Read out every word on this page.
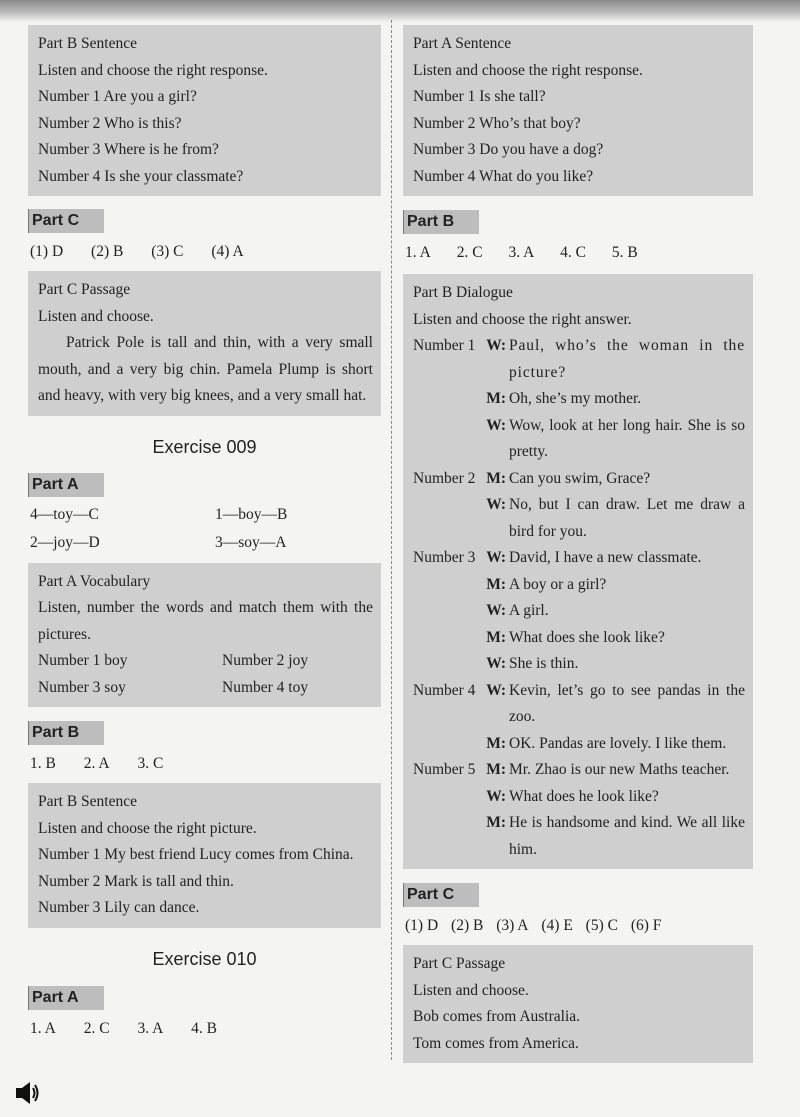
Part B Sentence
Listen and choose the right response.
Number 1 Are you a girl?
Number 2 Who is this?
Number 3 Where is he from?
Number 4 Is she your classmate?
Part C
(1) D (2) B (3) C (4) A
Part C Passage
Listen and choose.
Patrick Pole is tall and thin, with a very small mouth, and a very big chin. Pamela Plump is short and heavy, with very big knees, and a very small hat.
Exercise 009
Part A
4—toy—C	1—boy—B
2—joy—D	3—soy—A
Part A Vocabulary
Listen, number the words and match them with the pictures.
Number 1 boy	Number 2 joy
Number 3 soy	Number 4 toy
Part B
1. B 2. A 3. C
Part B Sentence
Listen and choose the right picture.
Number 1 My best friend Lucy comes from China.
Number 2 Mark is tall and thin.
Number 3 Lily can dance.
Exercise 010
Part A
1. A 2. C 3. A 4. B
Part A Sentence
Listen and choose the right response.
Number 1 Is she tall?
Number 2 Who’s that boy?
Number 3 Do you have a dog?
Number 4 What do you like?
Part B
1. A 2. C 3. A 4. C 5. B
Part B Dialogue
Listen and choose the right answer.
Number 1 W: Paul, who’s the woman in the picture?
M: Oh, she’s my mother.
W: Wow, look at her long hair. She is so pretty.
Number 2 M: Can you swim, Grace?
W: No, but I can draw. Let me draw a bird for you.
Number 3 W: David, I have a new classmate.
M: A boy or a girl?
W: A girl.
M: What does she look like?
W: She is thin.
Number 4 W: Kevin, let’s go to see pandas in the zoo.
M: OK. Pandas are lovely. I like them.
Number 5 M: Mr. Zhao is our new Maths teacher.
W: What does he look like?
M: He is handsome and kind. We all like him.
Part C
(1) D (2) B (3) A (4) E (5) C (6) F
Part C Passage
Listen and choose.
Bob comes from Australia.
Tom comes from America.
